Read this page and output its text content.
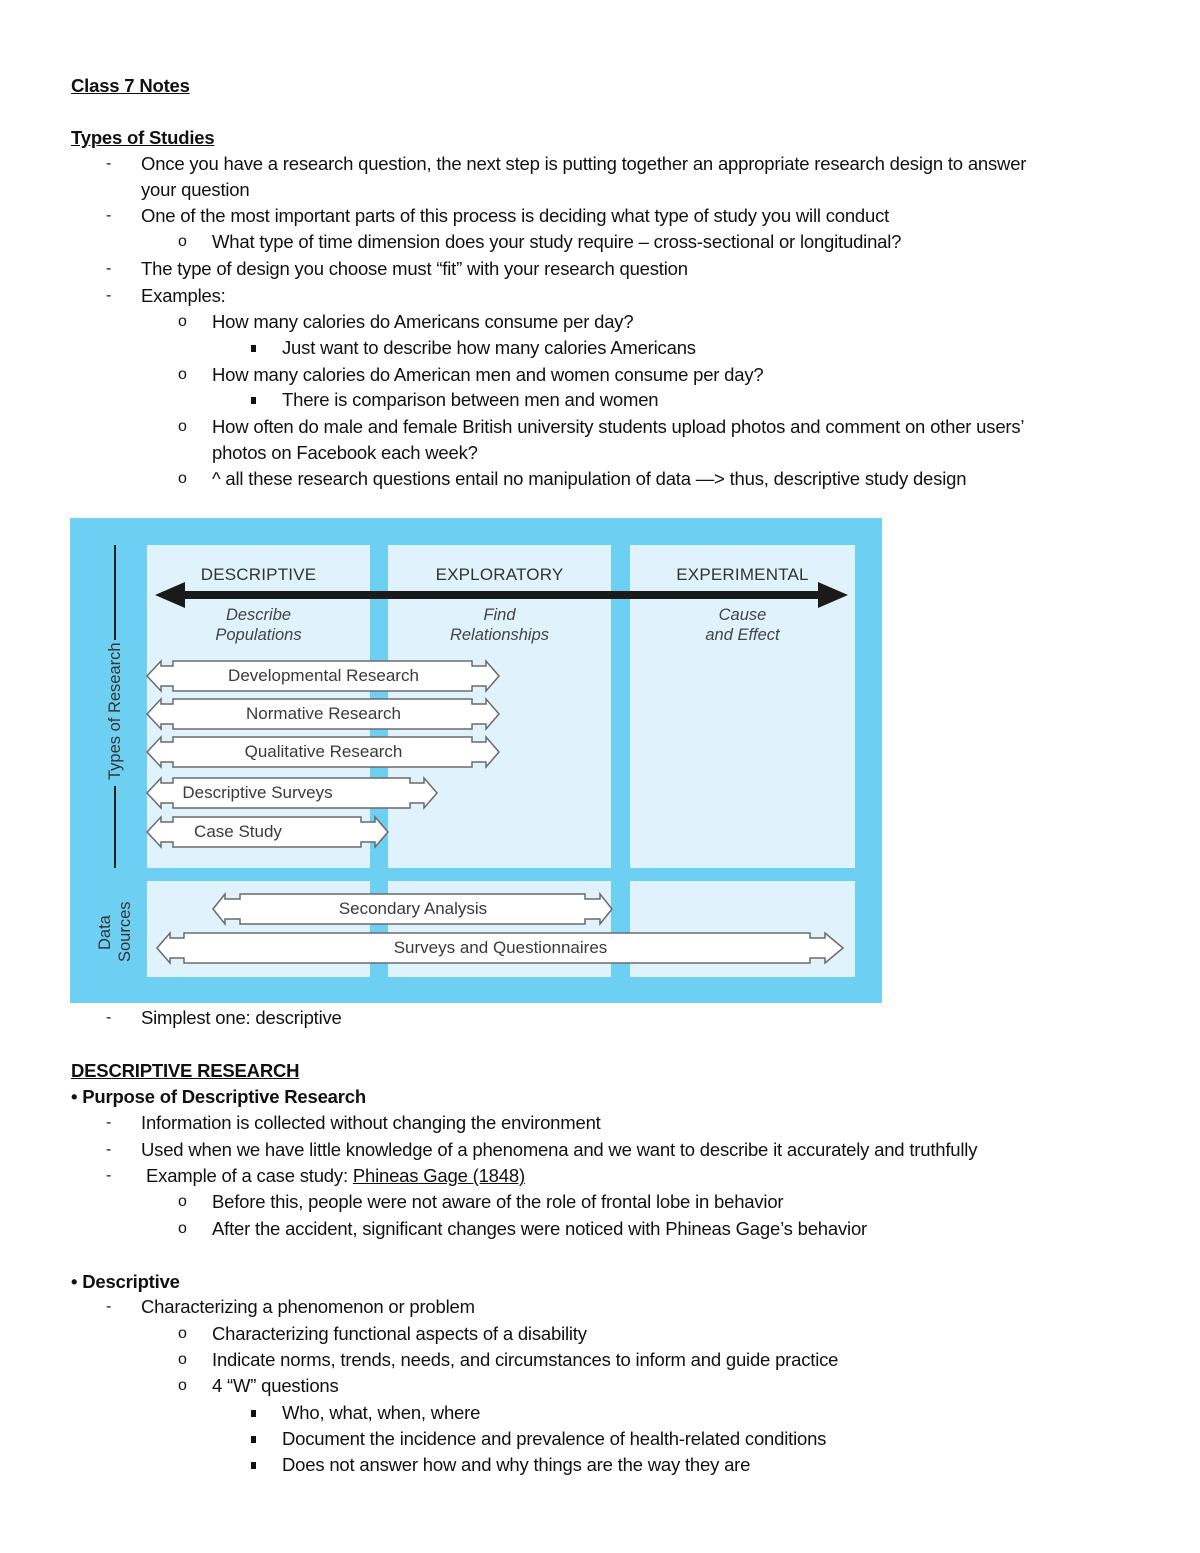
Class 7 Notes
Types of Studies
- Once you have a research question, the next step is putting together an appropriate research design to answer
your question
- One of the most important parts of this process is deciding what type of study you will conduct
o What type of time dimension does your study require – cross-sectional or longitudinal?
- The type of design you choose must “fit” with your research question
- Examples:
o How many calories do Americans consume per day?
Just want to describe how many calories Americans
o How many calories do American men and women consume per day?
There is comparison between men and women
o How often do male and female British university students upload photos and comment on other users’
photos on Facebook each week?
o ^ all these research questions entail no manipulation of data —> thus, descriptive study design
Types of Research
Data Sources
DESCRIPTIVE	EXPLORATORY	EXPERIMENTAL
Describe
Populations
Find
Relationships
Cause
and Effect
Developmental Research
Normative Research
Qualitative Research
Descriptive Surveys
Case Study
Secondary Analysis
Surveys and Questionnaires
- Simplest one: descriptive
DESCRIPTIVE RESEARCH
• Purpose of Descriptive Research
- Information is collected without changing the environment
- Used when we have little knowledge of a phenomena and we want to describe it accurately and truthfully
- Example of a case study: Phineas Gage (1848)
o Before this, people were not aware of the role of frontal lobe in behavior
o After the accident, significant changes were noticed with Phineas Gage’s behavior
• Descriptive
- Characterizing a phenomenon or problem
o Characterizing functional aspects of a disability
o Indicate norms, trends, needs, and circumstances to inform and guide practice
o 4 “W” questions
Who, what, when, where
Document the incidence and prevalence of health-related conditions
Does not answer how and why things are the way they are
